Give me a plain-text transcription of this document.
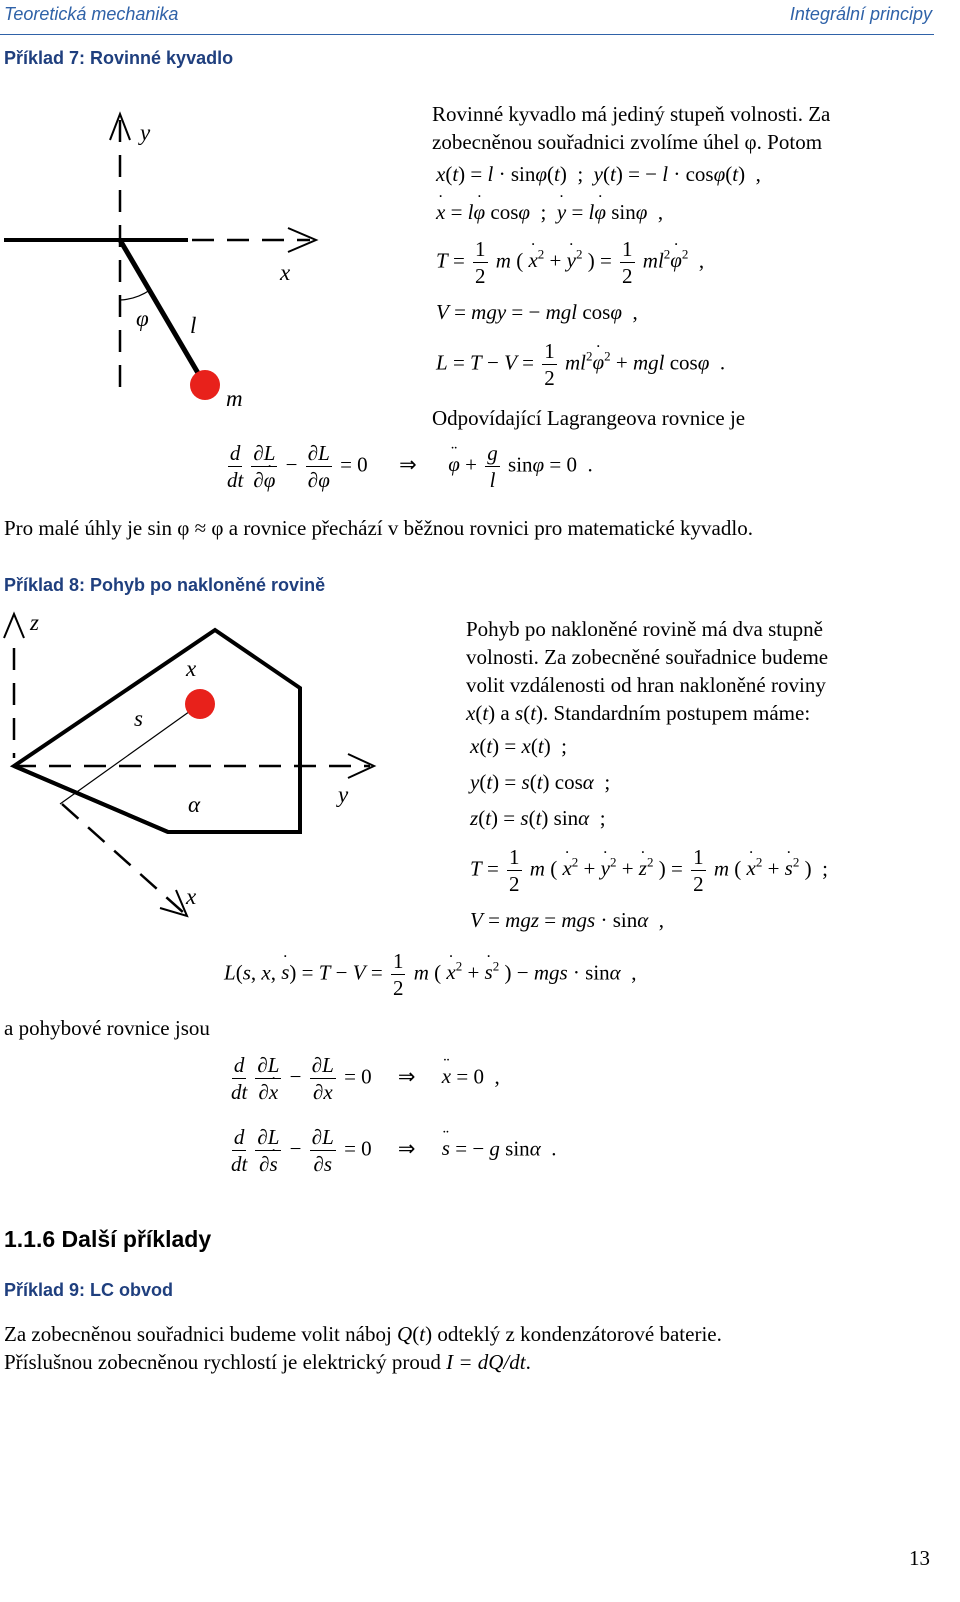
Teoretická mechanika	Integrální principy
Příklad 7: Rovinné kyvadlo
y
x
φ l
m
Rovinné kyvadlo má jediný stupeň volnosti. Za
zobecněnou souřadnici zvolíme úhel φ. Potom
x(t) = l · sinφ(t)  ;  y(t) = − l · cosφ(t)  ,
x ˙ = lφ ˙ cosφ  ;  y ˙ = lφ ˙ sinφ  ,
$T = \frac{1}{2}$ m ( x ˙$^2$ + y ˙$^2$ ) = $\frac{1}{2} ml^2\varphi$ ˙$^2$  ,
V = mgy = − mgl cosφ  ,
$L = T - V = \frac{1}{2} ml^2\varphi$ ˙$^2$ + mgl cosφ  .
Odpovídající Lagrangeova rovnice je
$\frac{d}{dt} \frac{\partial L}{\partial\varphi}$ ˙ − $\frac{\partial L}{\partial\varphi} = 0$      ⇒      φ ¨ + $\frac{g}{l}$ sinφ = 0  .
Pro malé úhly je sin φ ≈ φ a rovnice přechází v běžnou rovnici pro matematické kyvadlo.
Příklad 8: Pohyb po nakloněné rovině
z
x
s
α	y
x
Pohyb po nakloněné rovině má dva stupně
volnosti. Za zobecněné souřadnice budeme
volit vzdálenosti od hran nakloněné roviny
x(t) a s(t). Standardním postupem máme:
x(t) = x(t)  ;
y(t) = s(t) cosα  ;
z(t) = s(t) sinα  ;
$T = \frac{1}{2}$ m ( x ˙$^2$ + y ˙$^2$ + z ˙$^2$ ) = $\frac{1}{2}$ m ( x ˙$^2$ + s ˙$^2$ )  ;
V = mgz = mgs · sinα  ,
L(s, x, s ˙) = $T - V = \frac{1}{2}$ m ( x ˙$^2$ + s ˙$^2$ ) − mgs · sinα  ,
a pohybové rovnice jsou
$\frac{d}{dt} \frac{\partial L}{\partial x}$ ˙ − $\frac{\partial L}{\partial x} = 0$     ⇒     x ¨ = 0  ,
$\frac{d}{dt} \frac{\partial L}{\partial s}$ ˙ − $\frac{\partial L}{\partial s} = 0$     ⇒     s ¨ = − g sinα  .
1.1.6 Další příklady
Příklad 9: LC obvod
Za zobecněnou souřadnici budeme volit náboj Q(t) odteklý z kondenzátorové baterie.
Příslušnou zobecněnou rychlostí je elektrický proud I = dQ/dt.
13
